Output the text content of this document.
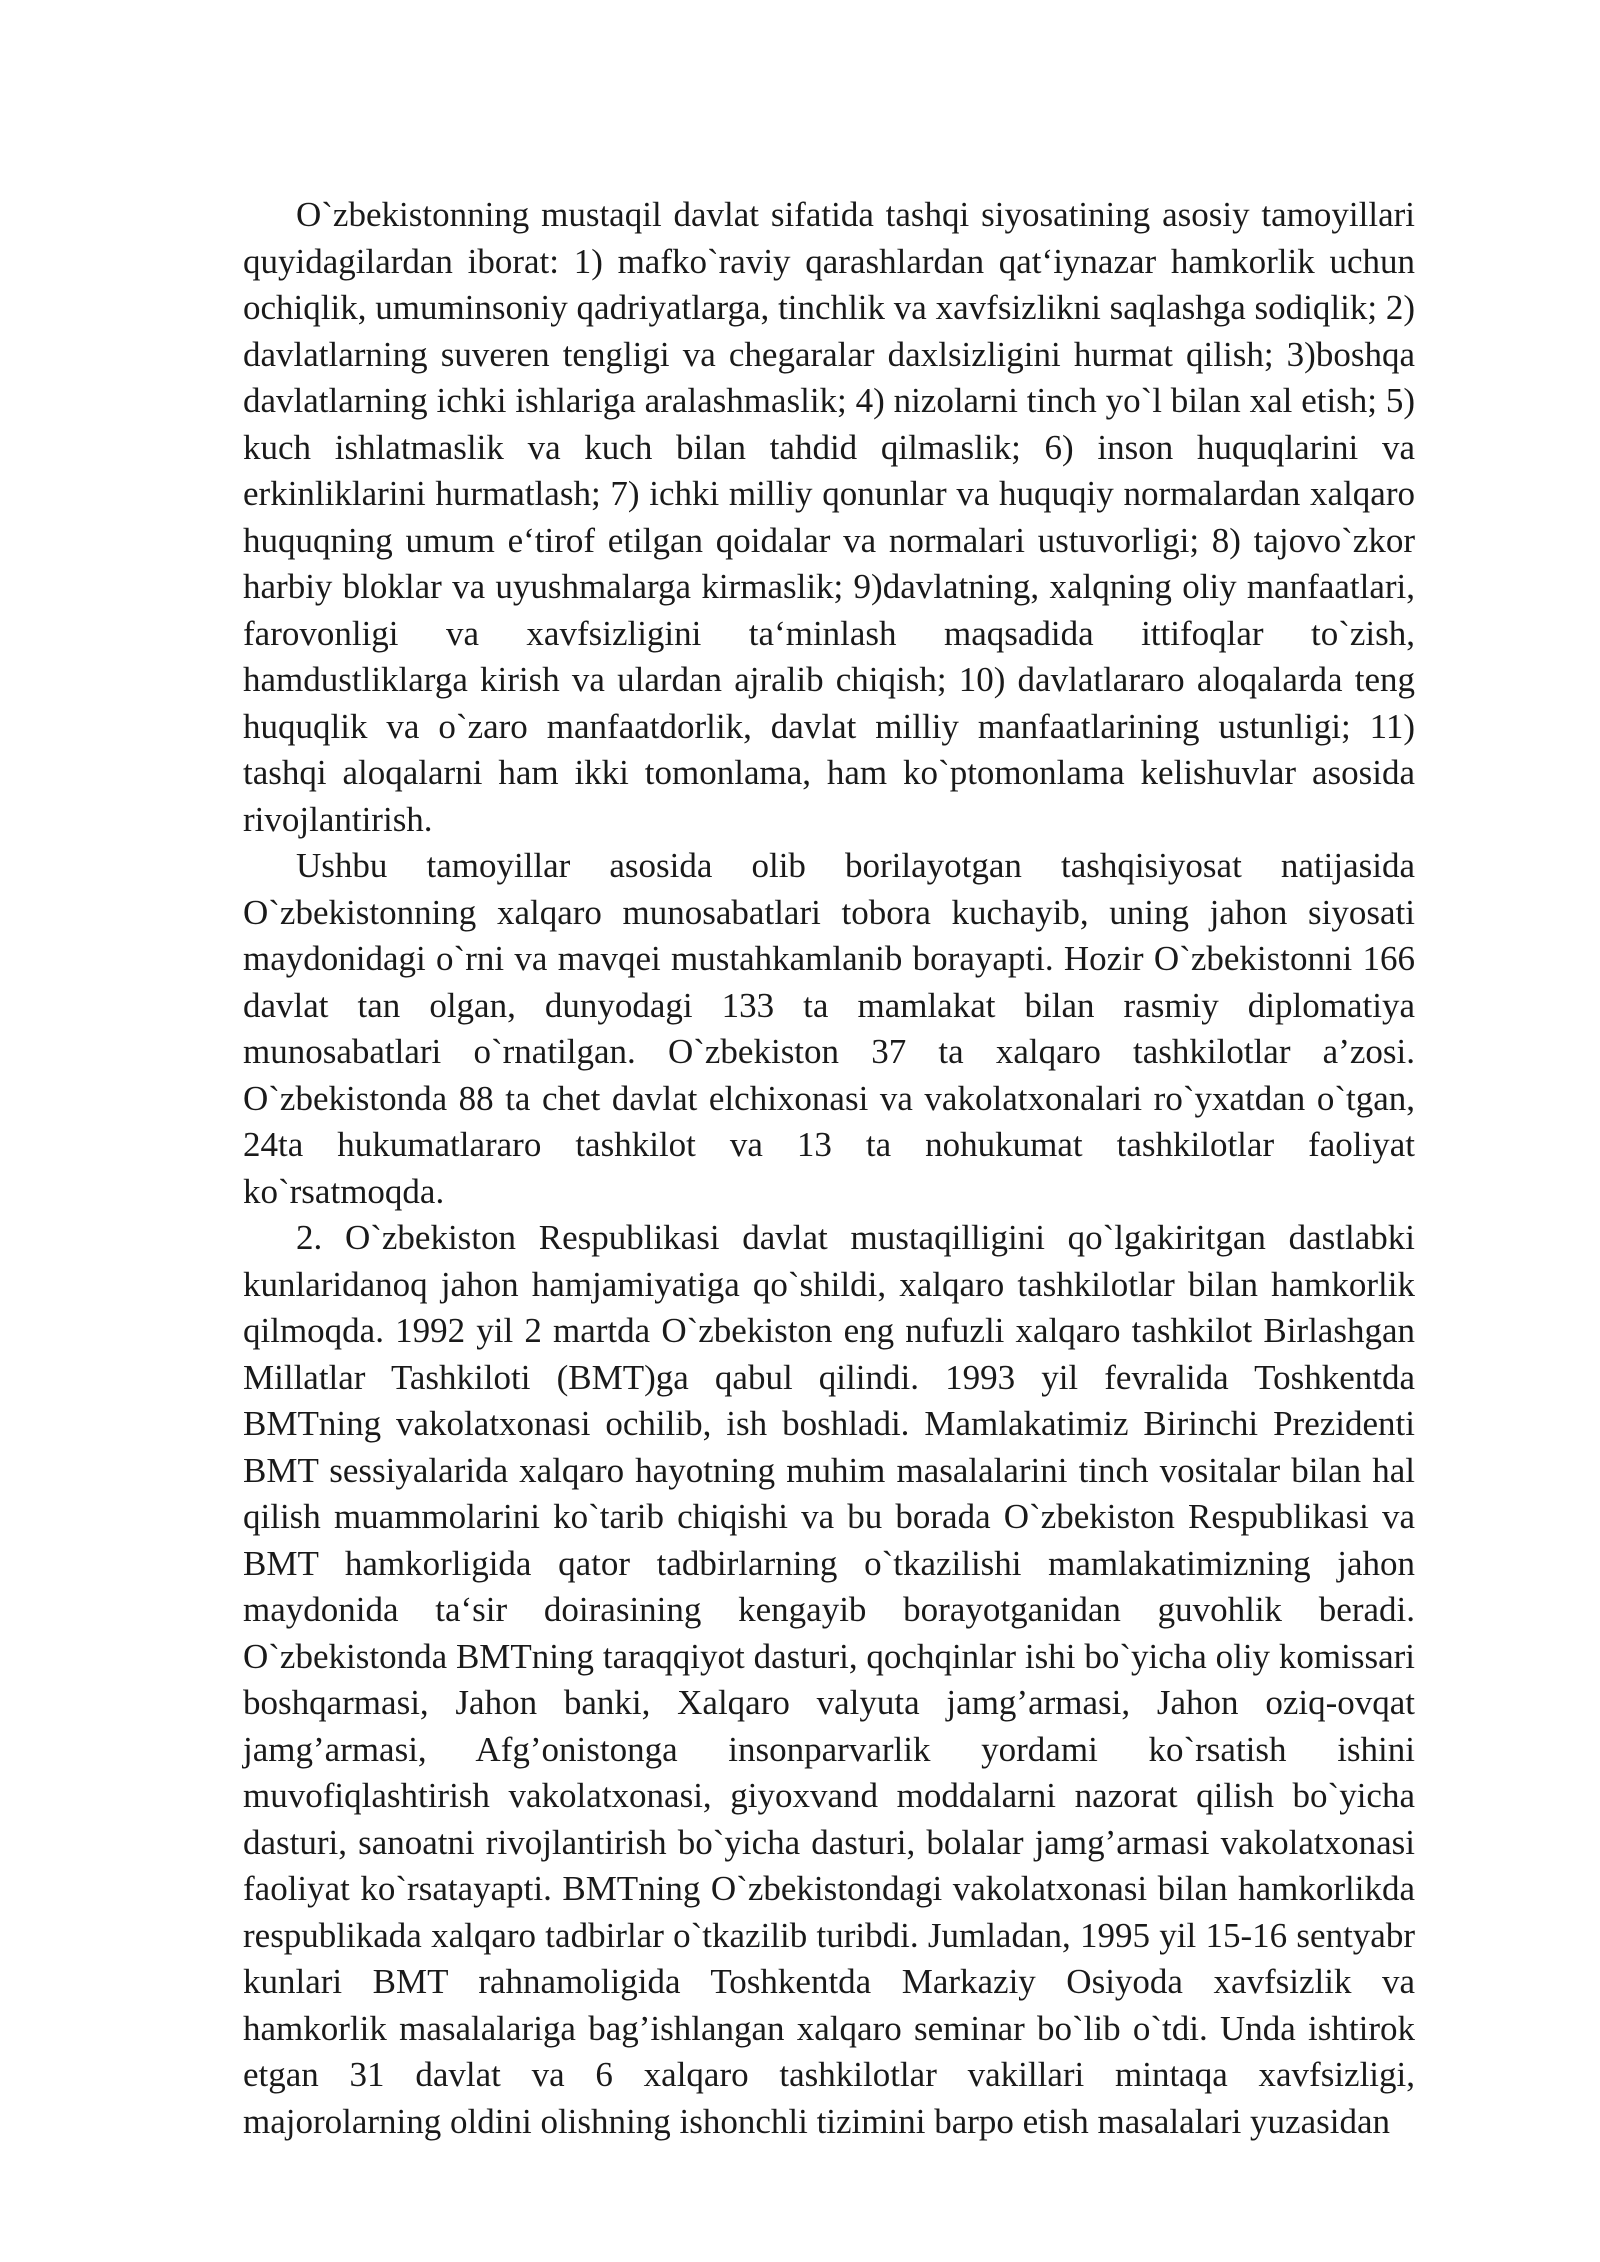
O`zbekistonning mustaqil davlat sifatida tashqi siyosatining asosiy tamoyillari quyidagilardan iborat: 1) mafko`raviy qarashlardan qat‘iynazar hamkorlik uchun ochiqlik, umuminsoniy qadriyatlarga, tinchlik va xavfsizlikni saqlashga sodiqlik; 2) davlatlarning suveren tengligi va chegaralar daxlsizligini hurmat qilish; 3)boshqa davlatlarning ichki ishlariga aralashmaslik; 4) nizolarni tinch yo`l bilan xal etish; 5) kuch ishlatmaslik va kuch bilan tahdid qilmaslik; 6) inson huquqlarini va erkinliklarini hurmatlash; 7) ichki milliy qonunlar va huquqiy normalardan xalqaro huquqning umum e‘tirof etilgan qoidalar va normalari ustuvorligi; 8) tajovo`zkor harbiy bloklar va uyushmalarga kirmaslik; 9)davlatning, xalqning oliy manfaatlari, farovonligi va xavfsizligini ta‘minlash maqsadida ittifoqlar to`zish, hamdustliklarga kirish va ulardan ajralib chiqish; 10) davlatlararo aloqalarda teng huquqlik va o`zaro manfaatdorlik, davlat milliy manfaatlarining ustunligi; 11) tashqi aloqalarni ham ikki tomonlama, ham ko`ptomonlama kelishuvlar asosida rivojlantirish.

Ushbu tamoyillar asosida olib borilayotgan tashqisiyosat natijasida O`zbekistonning xalqaro munosabatlari tobora kuchayib, uning jahon siyosati maydonidagi o`rni va mavqei mustahkamlanib borayapti. Hozir O`zbekistonni 166 davlat tan olgan, dunyodagi 133 ta mamlakat bilan rasmiy diplomatiya munosabatlari o`rnatilgan. O`zbekiston 37 ta xalqaro tashkilotlar a’zosi. O`zbekistonda 88 ta chet davlat elchixonasi va vakolatxonalari ro`yxatdan o`tgan, 24ta hukumatlararo tashkilot va 13 ta nohukumat tashkilotlar faoliyat ko`rsatmoqda.

2. O`zbekiston Respublikasi davlat mustaqilligini qo`lgakiritgan dastlabki kunlaridanoq jahon hamjamiyatiga qo`shildi, xalqaro tashkilotlar bilan hamkorlik qilmoqda. 1992 yil 2 martda O`zbekiston eng nufuzli xalqaro tashkilot Birlashgan Millatlar Tashkiloti (BMT)ga qabul qilindi. 1993 yil fevralida Toshkentda BMTning vakolatxonasi ochilib, ish boshladi. Mamlakatimiz Birinchi Prezidenti BMT sessiyalarida xalqaro hayotning muhim masalalarini tinch vositalar bilan hal qilish muammolarini ko`tarib chiqishi va bu borada O`zbekiston Respublikasi va BMT hamkorligida qator tadbirlarning o`tkazilishi mamlakatimizning jahon maydonida ta‘sir doirasining kengayib borayotganidan guvohlik beradi. O`zbekistonda BMTning taraqqiyot dasturi, qochqinlar ishi bo`yicha oliy komissari boshqarmasi, Jahon banki, Xalqaro valyuta jamg’armasi, Jahon oziq-ovqat jamg’armasi, Afg’onistonga insonparvarlik yordami ko`rsatish ishini muvofiqlashtirish vakolatxonasi, giyoxvand moddalarni nazorat qilish bo`yicha dasturi, sanoatni rivojlantirish bo`yicha dasturi, bolalar jamg’armasi vakolatxonasi faoliyat ko`rsatayapti. BMTning O`zbekistondagi vakolatxonasi bilan hamkorlikda respublikada xalqaro tadbirlar o`tkazilib turibdi. Jumladan, 1995 yil 15-16 sentyabr kunlari BMT rahnamoligida Toshkentda Markaziy Osiyoda xavfsizlik va hamkorlik masalalariga bag’ishlangan xalqaro seminar bo`lib o`tdi. Unda ishtirok etgan 31 davlat va 6 xalqaro tashkilotlar vakillari mintaqa xavfsizligi, majorolarning oldini olishning ishonchli tizimini barpo etish masalalari yuzasidan
